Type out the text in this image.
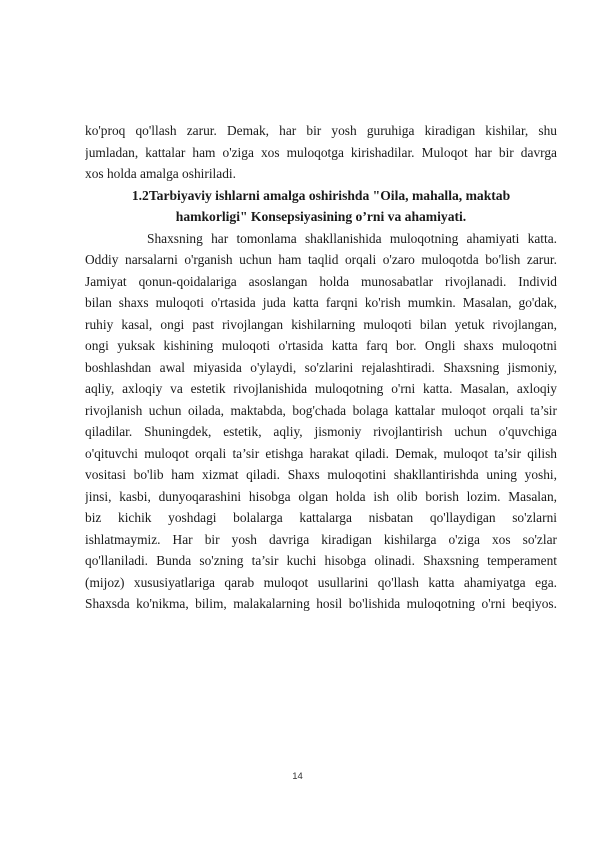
ko'proq qo'llash zarur. Demak, har bir yosh guruhiga kiradigan kishilar, shu
jumladan, kattalar ham o'ziga xos muloqotga kirishadilar. Muloqot har bir davrga
xos holda amalga oshiriladi.
1.2Tarbiyaviy ishlarni amalga oshirishda "Oila, mahalla, maktab
hamkorligi" Konsepsiyasining o’rni va ahamiyati.
Shaxsning har tomonlama shakllanishida muloqotning ahamiyati katta.
Oddiy narsalarni o'rganish uchun ham taqlid orqali o'zaro muloqotda bo'lish zarur.
Jamiyat qonun-qoidalariga asoslangan holda munosabatlar rivojlanadi. Individ
bilan shaxs muloqoti o'rtasida juda katta farqni ko'rish mumkin. Masalan, go'dak,
ruhiy kasal, ongi past rivojlangan kishilarning muloqoti bilan yetuk rivojlangan,
ongi yuksak kishining muloqoti o'rtasida katta farq bor. Ongli shaxs muloqotni
boshlashdan awal miyasida o'ylaydi, so'zlarini rejalashtiradi. Shaxsning jismoniy,
aqliy, axloqiy va estetik rivojlanishida muloqotning o'rni katta. Masalan, axloqiy
rivojlanish uchun oilada, maktabda, bog'chada bolaga kattalar muloqot orqali ta’sir
qiladilar. Shuningdek, estetik, aqliy, jismoniy rivojlantirish uchun o'quvchiga
o'qituvchi muloqot orqali ta’sir etishga harakat qiladi. Demak, muloqot ta’sir qilish
vositasi bo'lib ham xizmat qiladi. Shaxs muloqotini shakllantirishda uning yoshi,
jinsi, kasbi, dunyoqarashini hisobga olgan holda ish olib borish lozim. Masalan,
biz kichik yoshdagi bolalarga kattalarga nisbatan qo'llaydigan so'zlarni
ishlatmaymiz. Har bir yosh davriga kiradigan kishilarga o'ziga xos so'zlar
qo'llaniladi. Bunda so'zning ta’sir kuchi hisobga olinadi. Shaxsning temperament
(mijoz) xususiyatlariga qarab muloqot usullarini qo'llash katta ahamiyatga ega.
Shaxsda ko'nikma, bilim, malakalarning hosil bo'lishida muloqotning o'rni beqiyos.
14
